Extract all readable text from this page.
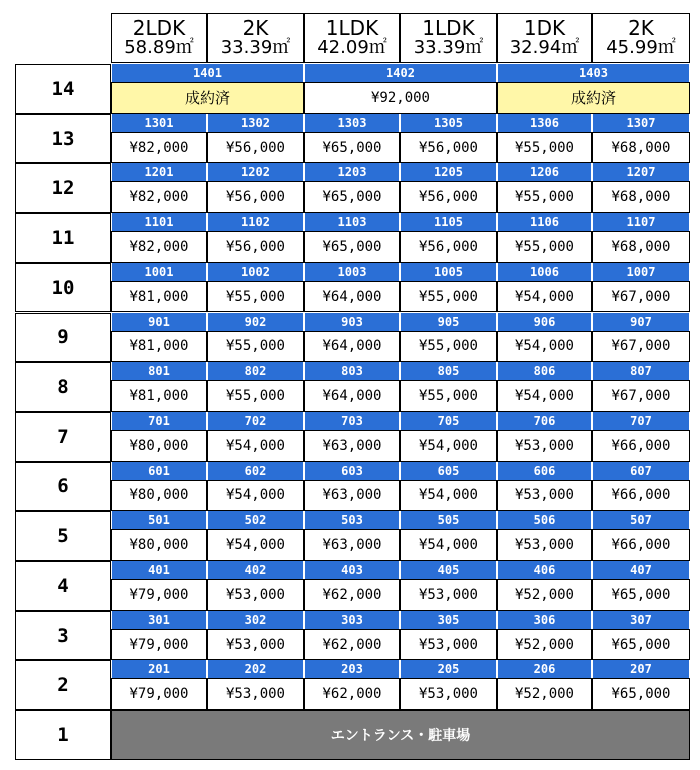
2LDK
58.89㎡
2K
33.39㎡
1LDK
42.09㎡
1LDK
33.39㎡
1DK
32.94㎡
2K
45.99㎡
14
1401
成約済
1402
¥92,000
1403
成約済
13
1301
¥82,000
1302
¥56,000
1303
¥65,000
1305
¥56,000
1306
¥55,000
1307
¥68,000
12
1201
¥82,000
1202
¥56,000
1203
¥65,000
1205
¥56,000
1206
¥55,000
1207
¥68,000
11
1101
¥82,000
1102
¥56,000
1103
¥65,000
1105
¥56,000
1106
¥55,000
1107
¥68,000
10
1001
¥81,000
1002
¥55,000
1003
¥64,000
1005
¥55,000
1006
¥54,000
1007
¥67,000
9
901
¥81,000
902
¥55,000
903
¥64,000
905
¥55,000
906
¥54,000
907
¥67,000
8
801
¥81,000
802
¥55,000
803
¥64,000
805
¥55,000
806
¥54,000
807
¥67,000
7
701
¥80,000
702
¥54,000
703
¥63,000
705
¥54,000
706
¥53,000
707
¥66,000
6
601
¥80,000
602
¥54,000
603
¥63,000
605
¥54,000
606
¥53,000
607
¥66,000
5
501
¥80,000
502
¥54,000
503
¥63,000
505
¥54,000
506
¥53,000
507
¥66,000
4
401
¥79,000
402
¥53,000
403
¥62,000
405
¥53,000
406
¥52,000
407
¥65,000
3
301
¥79,000
302
¥53,000
303
¥62,000
305
¥53,000
306
¥52,000
307
¥65,000
2
201
¥79,000
202
¥53,000
203
¥62,000
205
¥53,000
206
¥52,000
207
¥65,000
1	エントランス・駐車場
